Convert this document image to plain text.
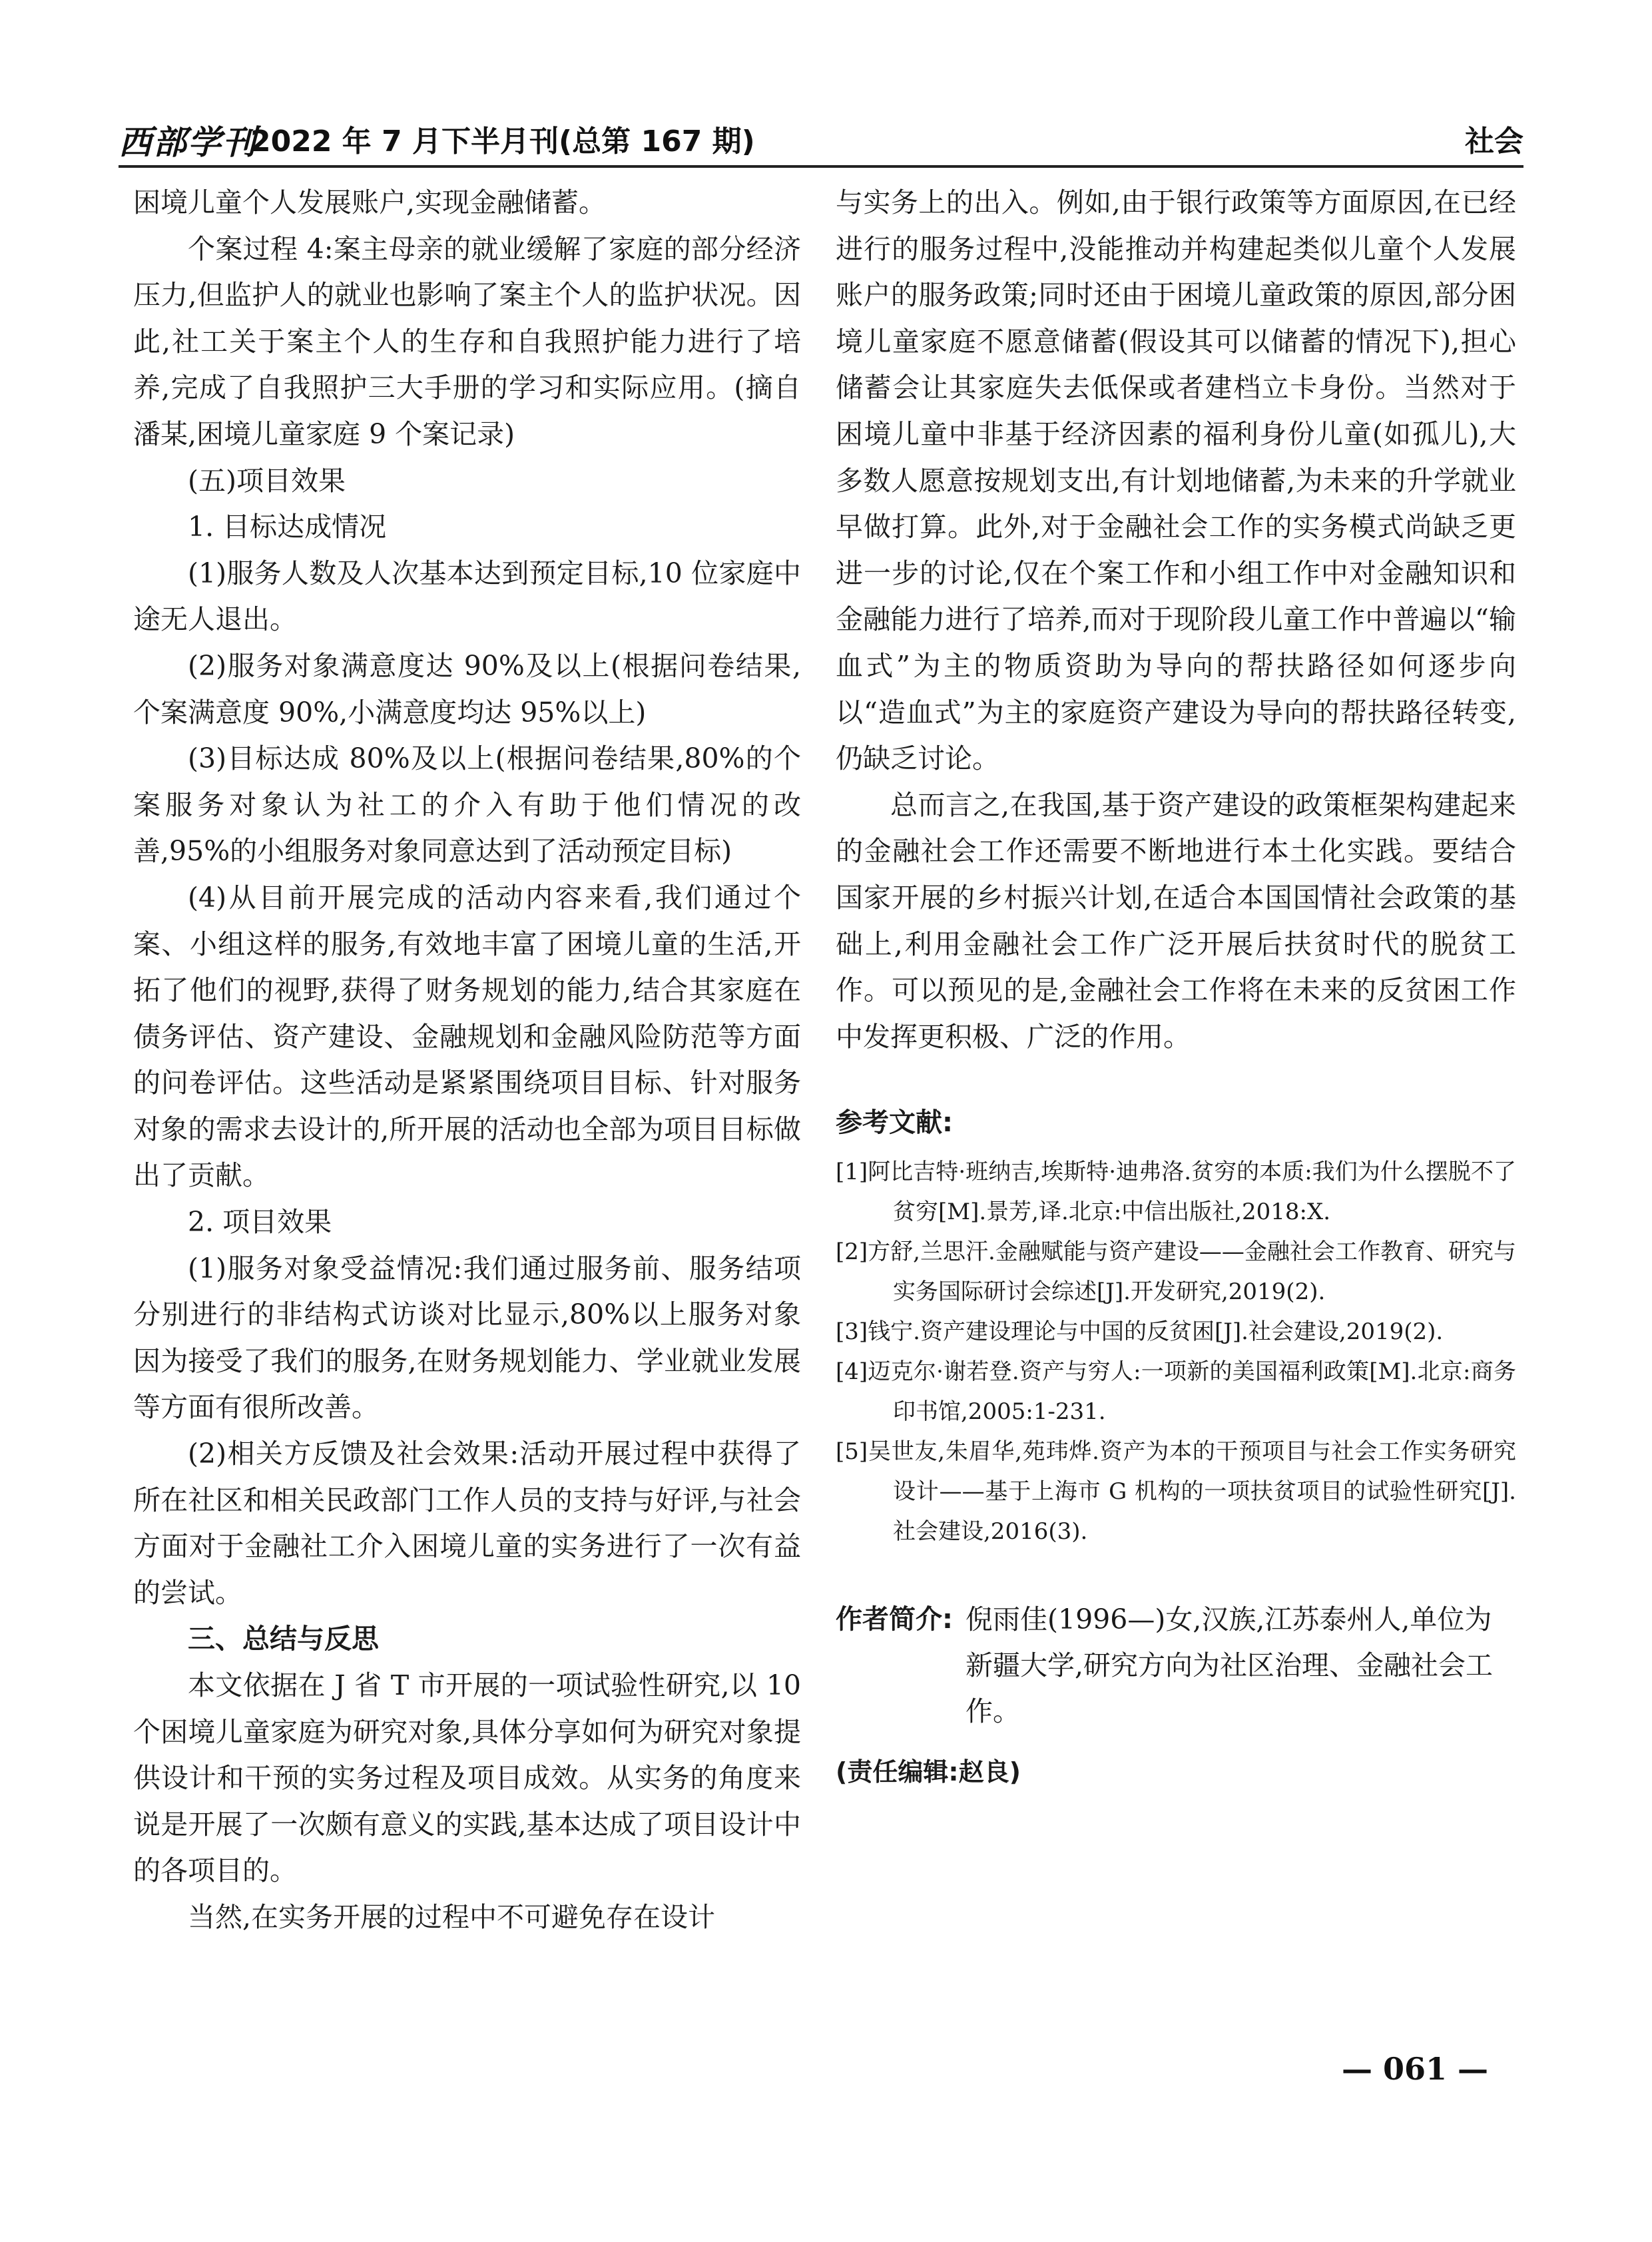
西部学刊
2022 年 7 月下半月刊(总第 167 期)	社会

困境儿童个人发展账户,实现金融储蓄。

个案过程 4:案主母亲的就业缓解了家庭的部分经济压力,但监护人的就业也影响了案主个人的监护状况。因此,社工关于案主个人的生存和自我照护能力进行了培养,完成了自我照护三大手册的学习和实际应用。(摘自潘某,困境儿童家庭 9 个案记录)

(五)项目效果

1. 目标达成情况

(1)服务人数及人次基本达到预定目标,10 位家庭中途无人退出。

(2)服务对象满意度达 90%及以上(根据问卷结果,个案满意度 90%,小满意度均达 95%以上)

(3)目标达成 80%及以上(根据问卷结果,80%的个案服务对象认为社工的介入有助于他们情况的改善,95%的小组服务对象同意达到了活动预定目标)

(4)从目前开展完成的活动内容来看,我们通过个案、小组这样的服务,有效地丰富了困境儿童的生活,开拓了他们的视野,获得了财务规划的能力,结合其家庭在债务评估、资产建设、金融规划和金融风险防范等方面的问卷评估。这些活动是紧紧围绕项目目标、针对服务对象的需求去设计的,所开展的活动也全部为项目目标做出了贡献。

2. 项目效果

(1)服务对象受益情况:我们通过服务前、服务结项分别进行的非结构式访谈对比显示,80%以上服务对象因为接受了我们的服务,在财务规划能力、学业就业发展等方面有很所改善。

(2)相关方反馈及社会效果:活动开展过程中获得了所在社区和相关民政部门工作人员的支持与好评,与社会方面对于金融社工介入困境儿童的实务进行了一次有益的尝试。

三、总结与反思

本文依据在 J 省 T 市开展的一项试验性研究,以 10 个困境儿童家庭为研究对象,具体分享如何为研究对象提供设计和干预的实务过程及项目成效。从实务的角度来说是开展了一次颇有意义的实践,基本达成了项目设计中的各项目的。

当然,在实务开展的过程中不可避免存在设计

与实务上的出入。例如,由于银行政策等方面原因,在已经进行的服务过程中,没能推动并构建起类似儿童个人发展账户的服务政策;同时还由于困境儿童政策的原因,部分困境儿童家庭不愿意储蓄(假设其可以储蓄的情况下),担心储蓄会让其家庭失去低保或者建档立卡身份。当然对于困境儿童中非基于经济因素的福利身份儿童(如孤儿),大多数人愿意按规划支出,有计划地储蓄,为未来的升学就业早做打算。此外,对于金融社会工作的实务模式尚缺乏更进一步的讨论,仅在个案工作和小组工作中对金融知识和金融能力进行了培养,而对于现阶段儿童工作中普遍以“输血式”为主的物质资助为导向的帮扶路径如何逐步向以“造血式”为主的家庭资产建设为导向的帮扶路径转变,仍缺乏讨论。

总而言之,在我国,基于资产建设的政策框架构建起来的金融社会工作还需要不断地进行本土化实践。要结合国家开展的乡村振兴计划,在适合本国国情社会政策的基础上,利用金融社会工作广泛开展后扶贫时代的脱贫工作。可以预见的是,金融社会工作将在未来的反贫困工作中发挥更积极、广泛的作用。

参考文献:

[1]阿比吉特·班纳吉,埃斯特·迪弗洛.贫穷的本质:我们为什么摆脱不了贫穷[M].景芳,译.北京:中信出版社,2018:X.

[2]方舒,兰思汗.金融赋能与资产建设——金融社会工作教育、研究与实务国际研讨会综述[J].开发研究,2019(2).

[3]钱宁.资产建设理论与中国的反贫困[J].社会建设,2019(2).

[4]迈克尔·谢若登.资产与穷人:一项新的美国福利政策[M].北京:商务印书馆,2005:1-231.

[5]吴世友,朱眉华,苑玮烨.资产为本的干预项目与社会工作实务研究设计——基于上海市 G 机构的一项扶贫项目的试验性研究[J].社会建设,2016(3).

作者简介: 倪雨佳(1996—)女,汉族,江苏泰州人,单位为新疆大学,研究方向为社区治理、金融社会工作。

(责任编辑:赵良)

— 061 —
